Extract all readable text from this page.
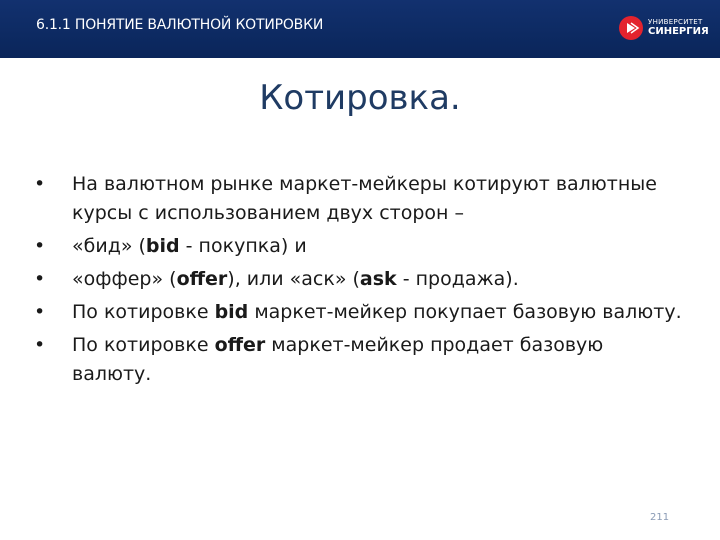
6.1.1 ПОНЯТИЕ ВАЛЮТНОЙ КОТИРОВКИ	УНИВЕРСИТЕТ
СИНЕРГИЯ
Котировка.
• На валютном рынке маркет-мейкеры котируют валютные курсы с использованием двух сторон –
• «бид» (bid - покупка) и
• «оффер» (offer), или «аск» (ask - продажа).
• По котировке bid маркет-мейкер покупает базовую валюту.
• По котировке offer маркет-мейкер продает базовую валюту.
211
